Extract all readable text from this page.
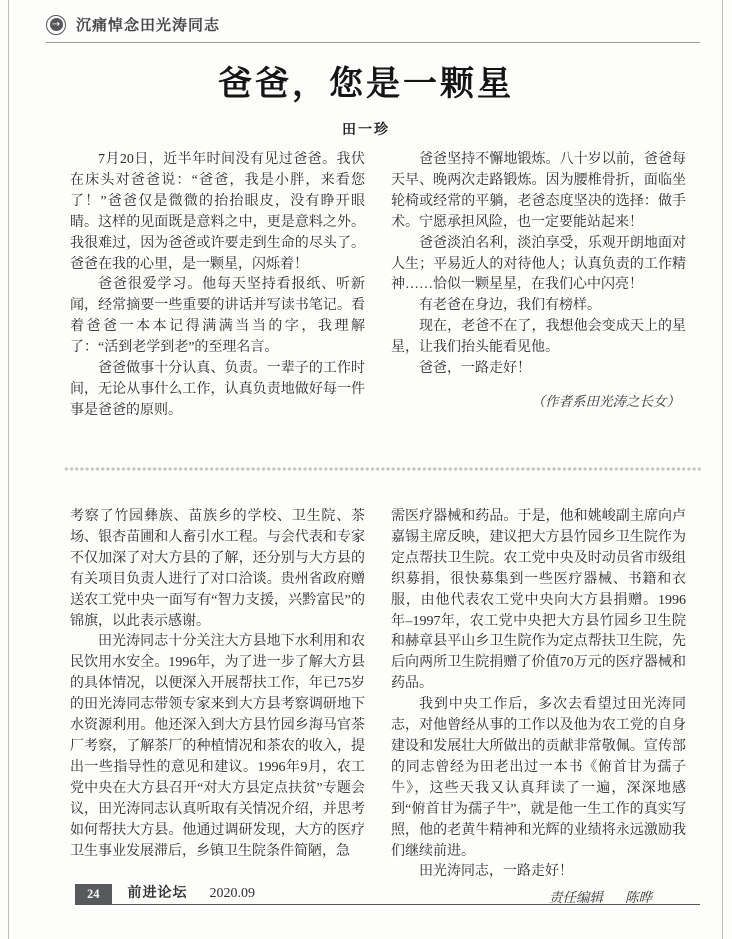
→ 沉痛悼念田光涛同志
爸爸，您是一颗星
田一珍

7月20日，近半年时间没有见过爸爸。我伏在床头对爸爸说：“爸爸，我是小胖，来看您了！”爸爸仅是微微的抬抬眼皮，没有睁开眼睛。这样的见面既是意料之中，更是意料之外。我很难过，因为爸爸或许要走到生命的尽头了。爸爸在我的心里，是一颗星，闪烁着！

爸爸很爱学习。他每天坚持看报纸、听新闻，经常摘要一些重要的讲话并写读书笔记。看着爸爸一本本记得满满当当的字，我理解了：“活到老学到老”的至理名言。

爸爸做事十分认真、负责。一辈子的工作时间，无论从事什么工作，认真负责地做好每一件事是爸爸的原则。

爸爸坚持不懈地锻炼。八十岁以前，爸爸每天早、晚两次走路锻炼。因为腰椎骨折，面临坐轮椅或经常的平躺，老爸态度坚决的选择：做手术。宁愿承担风险，也一定要能站起来！

爸爸淡泊名利，淡泊享受，乐观开朗地面对人生；平易近人的对待他人；认真负责的工作精神……恰似一颗星星，在我们心中闪亮！

有老爸在身边，我们有榜样。

现在，老爸不在了，我想他会变成天上的星星，让我们抬头能看见他。

爸爸，一路走好！

（作者系田光涛之长女）

考察了竹园彝族、苗族乡的学校、卫生院、茶场、银杏苗圃和人畜引水工程。与会代表和专家不仅加深了对大方县的了解，还分别与大方县的有关项目负责人进行了对口洽谈。贵州省政府赠送农工党中央一面写有“智力支援，兴黔富民”的锦旗，以此表示感谢。

田光涛同志十分关注大方县地下水利用和农民饮用水安全。1996年，为了进一步了解大方县的具体情况，以便深入开展帮扶工作，年已75岁的田光涛同志带领专家来到大方县考察调研地下水资源利用。他还深入到大方县竹园乡海马官茶厂考察，了解茶厂的种植情况和茶农的收入，提出一些指导性的意见和建议。1996年9月，农工党中央在大方县召开“对大方县定点扶贫”专题会议，田光涛同志认真听取有关情况介绍，并思考如何帮扶大方县。他通过调研发现，大方的医疗卫生事业发展滞后，乡镇卫生院条件简陋，急

需医疗器械和药品。于是，他和姚峻副主席向卢嘉锡主席反映，建议把大方县竹园乡卫生院作为定点帮扶卫生院。农工党中央及时动员省市级组织募捐，很快募集到一些医疗器械、书籍和衣服，由他代表农工党中央向大方县捐赠。1996年–1997年，农工党中央把大方县竹园乡卫生院和赫章县平山乡卫生院作为定点帮扶卫生院，先后向两所卫生院捐赠了价值70万元的医疗器械和药品。

我到中央工作后，多次去看望过田光涛同志，对他曾经从事的工作以及他为农工党的自身建设和发展壮大所做出的贡献非常敬佩。宣传部的同志曾经为田老出过一本书《俯首甘为孺子牛》，这些天我又认真拜读了一遍，深深地感到“俯首甘为孺子牛”，就是他一生工作的真实写照，他的老黄牛精神和光辉的业绩将永远激励我们继续前进。

田光涛同志，一路走好！

责任编辑 陈晔
24	前进论坛 2020.09
